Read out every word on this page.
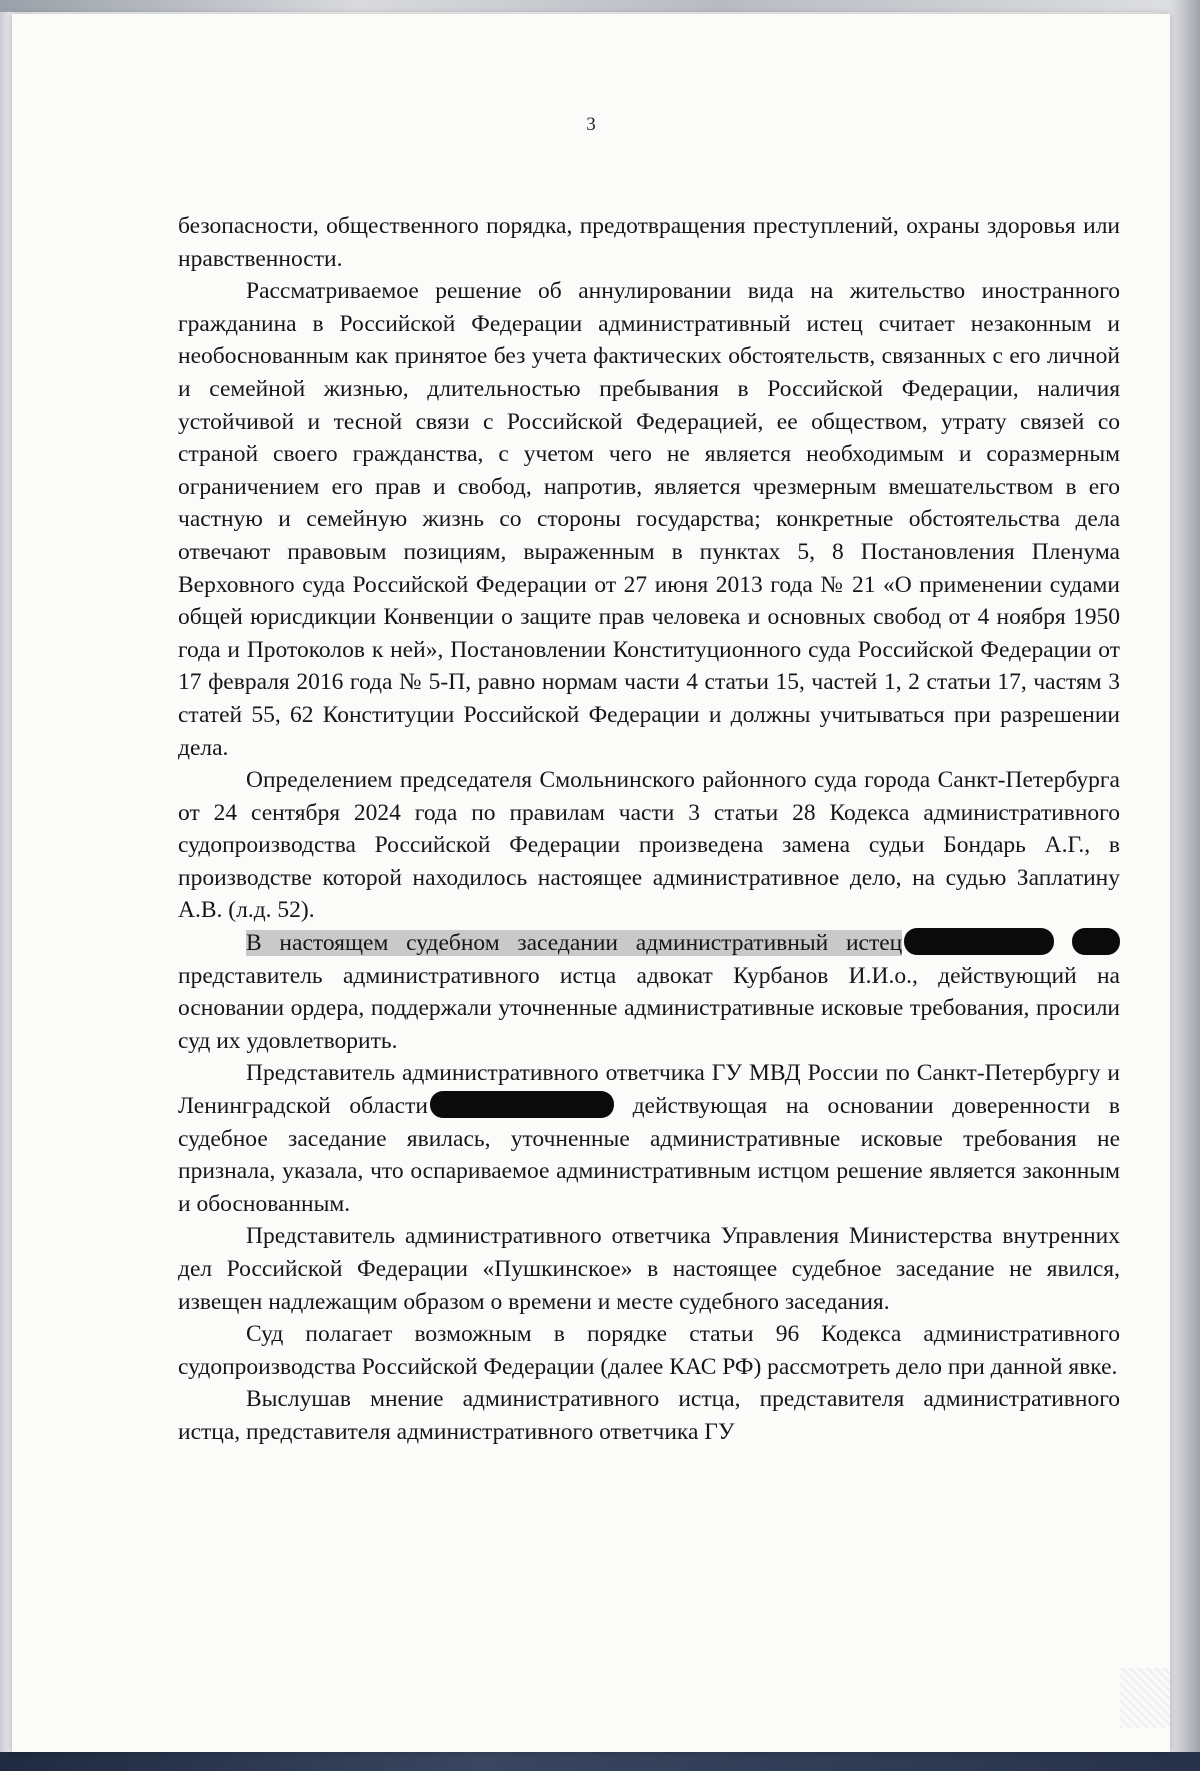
3

безопасности, общественного порядка, предотвращения преступлений, охраны здоровья или нравственности.

Рассматриваемое решение об аннулировании вида на жительство иностранного гражданина в Российской Федерации административный истец считает незаконным и необоснованным как принятое без учета фактических обстоятельств, связанных с его личной и семейной жизнью, длительностью пребывания в Российской Федерации, наличия устойчивой и тесной связи с Российской Федерацией, ее обществом, утрату связей со страной своего гражданства, с учетом чего не является необходимым и соразмерным ограничением его прав и свобод, напротив, является чрезмерным вмешательством в его частную и семейную жизнь со стороны государства; конкретные обстоятельства дела отвечают правовым позициям, выраженным в пунктах 5, 8 Постановления Пленума Верховного суда Российской Федерации от 27 июня 2013 года № 21 «О применении судами общей юрисдикции Конвенции о защите прав человека и основных свобод от 4 ноября 1950 года и Протоколов к ней», Постановлении Конституционного суда Российской Федерации от 17 февраля 2016 года № 5-П, равно нормам части 4 статьи 15, частей 1, 2 статьи 17, частям 3 статей 55, 62 Конституции Российской Федерации и должны учитываться при разрешении дела.

Определением председателя Смольнинского районного суда города Санкт-Петербурга от 24 сентября 2024 года по правилам части 3 статьи 28 Кодекса административного судопроизводства Российской Федерации произведена замена судьи Бондарь А.Г., в производстве которой находилось настоящее административное дело, на судью Заплатину А.В. (л.д. 52).

В настоящем судебном заседании административный истец  представитель административного истца адвокат Курбанов И.И.о., действующий на основании ордера, поддержали уточненные административные исковые требования, просили суд их удовлетворить.

Представитель административного ответчика ГУ МВД России по Санкт-Петербургу и Ленинградской области	действующая на основании доверенности в судебное заседание явилась, уточненные административные исковые требования не признала, указала, что оспариваемое административным истцом решение является законным и обоснованным.

Представитель административного ответчика Управления Министерства внутренних дел Российской Федерации «Пушкинское» в настоящее судебное заседание не явился, извещен надлежащим образом о времени и месте судебного заседания.

Суд полагает возможным в порядке статьи 96 Кодекса административного судопроизводства Российской Федерации (далее КАС РФ) рассмотреть дело при данной явке.

Выслушав мнение административного истца, представителя административного истца, представителя административного ответчика ГУ
